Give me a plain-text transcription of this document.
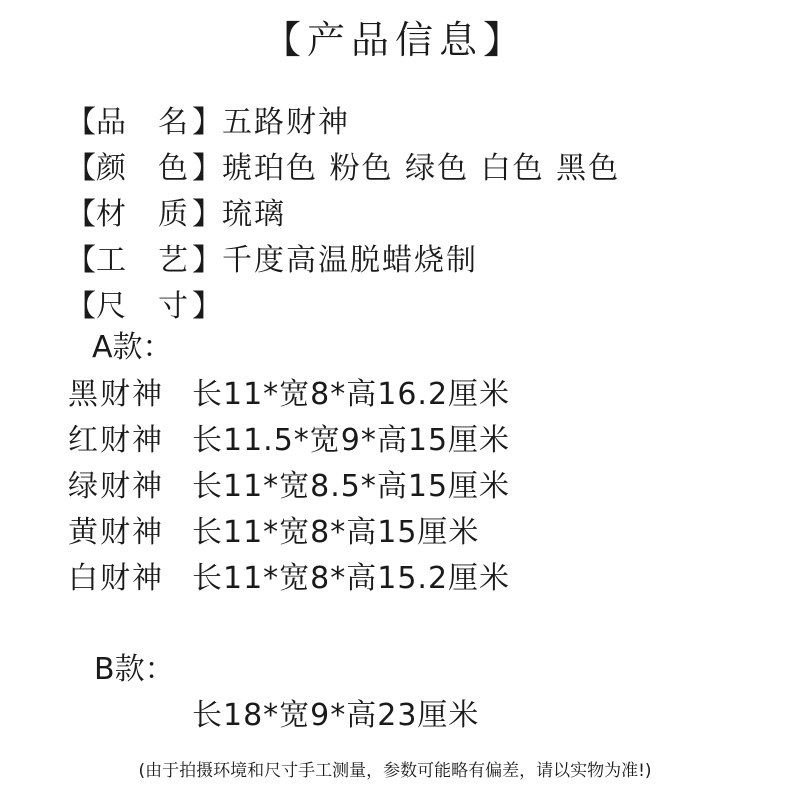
【产品信息】
【品 名 】五路财神
【颜 色 】琥珀色 粉色 绿色 白色 黑色
【材 质 】琉璃
【工 艺 】千度高温脱蜡烧制
【尺 寸 】
A款：
黑财神 长11*宽8*高16.2厘米
红财神 长11.5*宽9*高15厘米
绿财神 长11*宽8.5*高15厘米
黄财神 长11*宽8*高15厘米
白财神 长11*宽8*高15.2厘米
B款：
长18*宽9*高23厘米
(由于拍摄环境和尺寸手工测量，参数可能略有偏差，请以实物为准!)
